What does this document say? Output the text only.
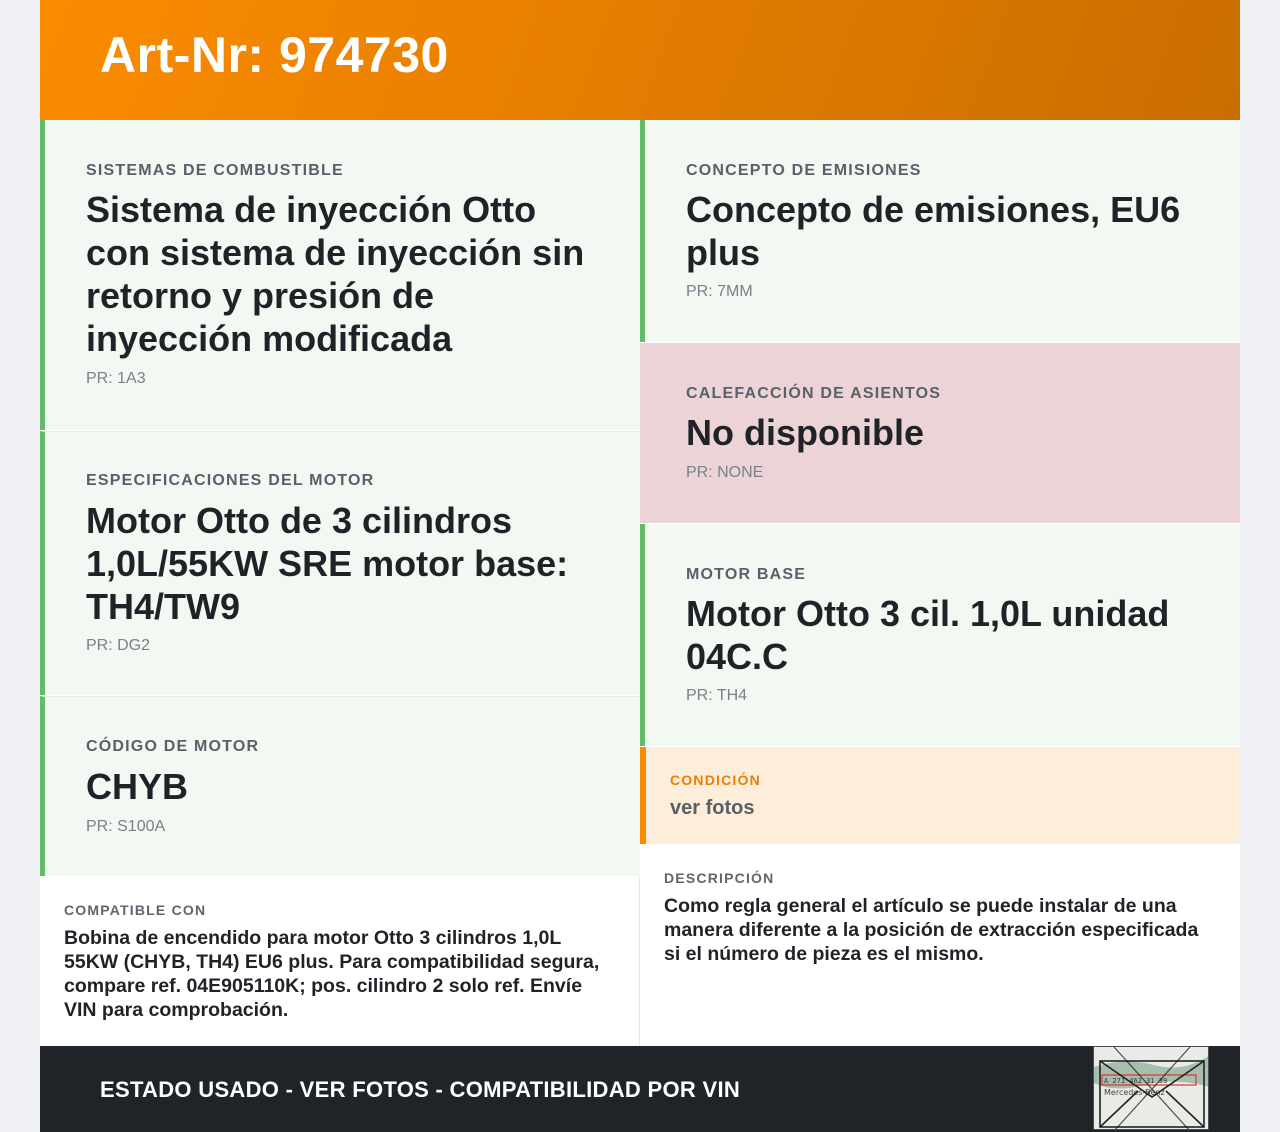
Art-Nr: 974730
SISTEMAS DE COMBUSTIBLE
Sistema de inyección Otto con sistema de inyección sin retorno y presión de inyección modificada
PR: 1A3
ESPECIFICACIONES DEL MOTOR
Motor Otto de 3 cilindros 1,0L/55KW SRE motor base: TH4/TW9
PR: DG2
CÓDIGO DE MOTOR
CHYB
PR: S100A
CONCEPTO DE EMISIONES
Concepto de emisiones, EU6 plus
PR: 7MM
CALEFACCIÓN DE ASIENTOS
No disponible
PR: NONE
MOTOR BASE
Motor Otto 3 cil. 1,0L unidad 04C.C
PR: TH4
CONDICIÓN
ver fotos
COMPATIBLE CON
Bobina de encendido para motor Otto 3 cilindros 1,0L 55KW (CHYB, TH4) EU6 plus. Para compatibilidad segura, compare ref. 04E905110K; pos. cilindro 2 solo ref. Envíe VIN para comprobación.
DESCRIPCIÓN
Como regla general el artículo se puede instalar de una manera diferente a la posición de extracción especificada si el número de pieza es el mismo.
ESTADO USADO - VER FOTOS - COMPATIBILIDAD POR VIN	A 271 462 31 39
Mercedes-Benz
